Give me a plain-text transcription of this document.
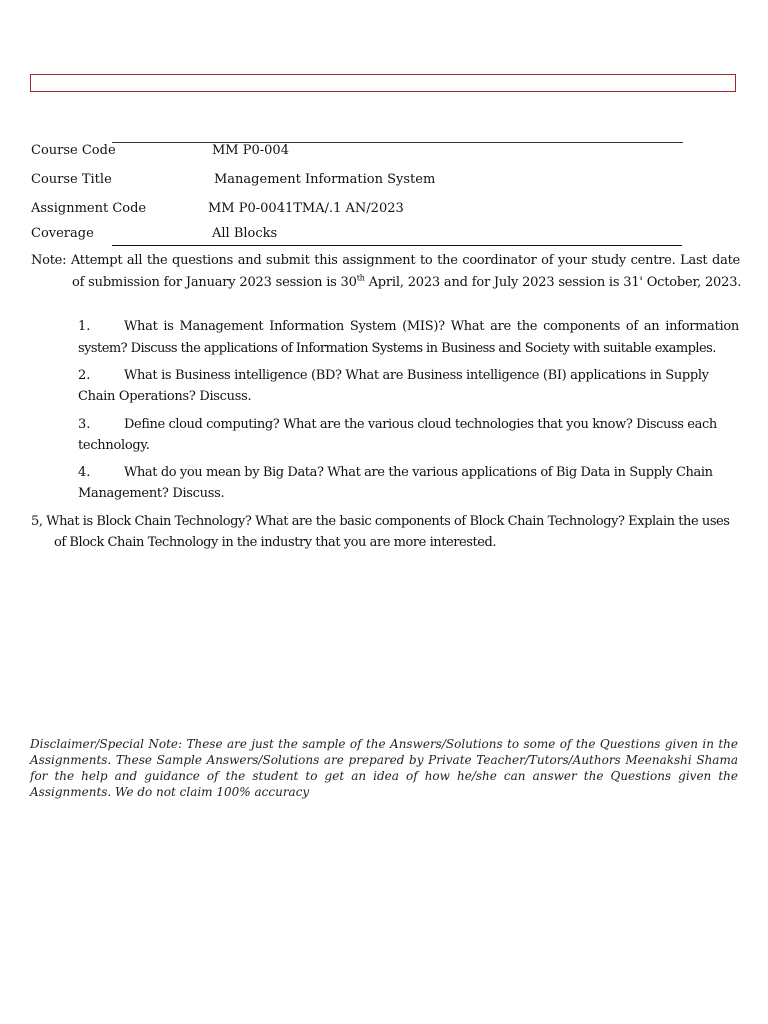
Course Code	MM P0-004
Course Title	Management Information System
Assignment Code	MM P0-0041TMA/.1 AN/2023
Coverage	All Blocks
Note: Attempt all the questions and submit this assignment to the coordinator of your study centre. Last date
of submission for January 2023 session is 30th April, 2023 and for July 2023 session is 31' October, 2023.
1.	What is Management Information System (MIS)? What are the components of an information
system? Discuss the applications of Information Systems in Business and Society with suitable examples.
2.	What is Business intelligence (BD? What are Business intelligence (BI) applications in Supply
Chain Operations? Discuss.
3.	Define cloud computing? What are the various cloud technologies that you know? Discuss each
technology.
4.	What do you mean by Big Data? What are the various applications of Big Data in Supply Chain
Management? Discuss.
5, What is Block Chain Technology? What are the basic components of Block Chain Technology? Explain the uses
of Block Chain Technology in the industry that you are more interested.
Disclaimer/Special Note: These are just the sample of the Answers/Solutions to some of the Questions given in the Assignments. These Sample Answers/Solutions are prepared by Private Teacher/Tutors/Authors Meenakshi Shama for the help and guidance of the student to get an idea of how he/she can answer the Questions given the Assignments. We do not claim 100% accuracy
